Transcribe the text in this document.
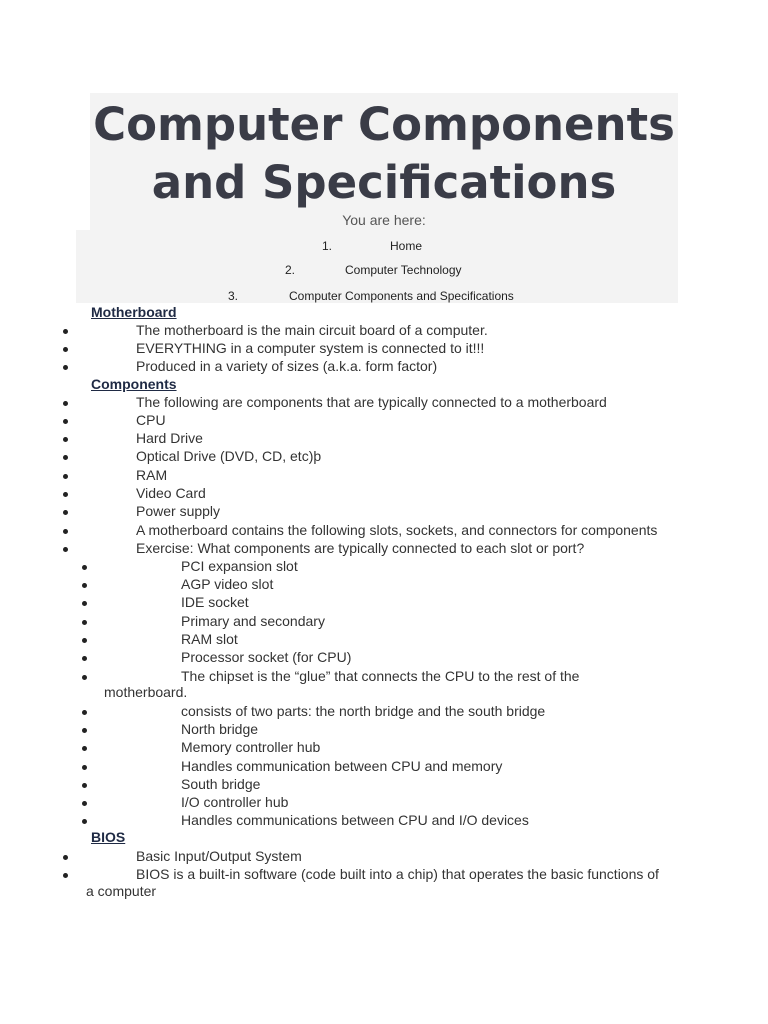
Computer Components
and Specifications
You are here:
1.	Home
2.	Computer Technology
3.	Computer Components and Specifications
Motherboard
The motherboard is the main circuit board of a computer.
EVERYTHING in a computer system is connected to it!!!
Produced in a variety of sizes (a.k.a. form factor)
Components
The following are components that are typically connected to a motherboard
CPU
Hard Drive
Optical Drive (DVD, CD, etc)þ
RAM
Video Card
Power supply
A motherboard contains the following slots, sockets, and connectors for components
Exercise: What components are typically connected to each slot or port?
PCI expansion slot
AGP video slot
IDE socket
Primary and secondary
RAM slot
Processor socket (for CPU)
The chipset is the “glue” that connects the CPU to the rest of the
motherboard.
consists of two parts: the north bridge and the south bridge
North bridge
Memory controller hub
Handles communication between CPU and memory
South bridge
I/O controller hub
Handles communications between CPU and I/O devices
BIOS
Basic Input/Output System
BIOS is a built-in software (code built into a chip) that operates the basic functions of
a computer
